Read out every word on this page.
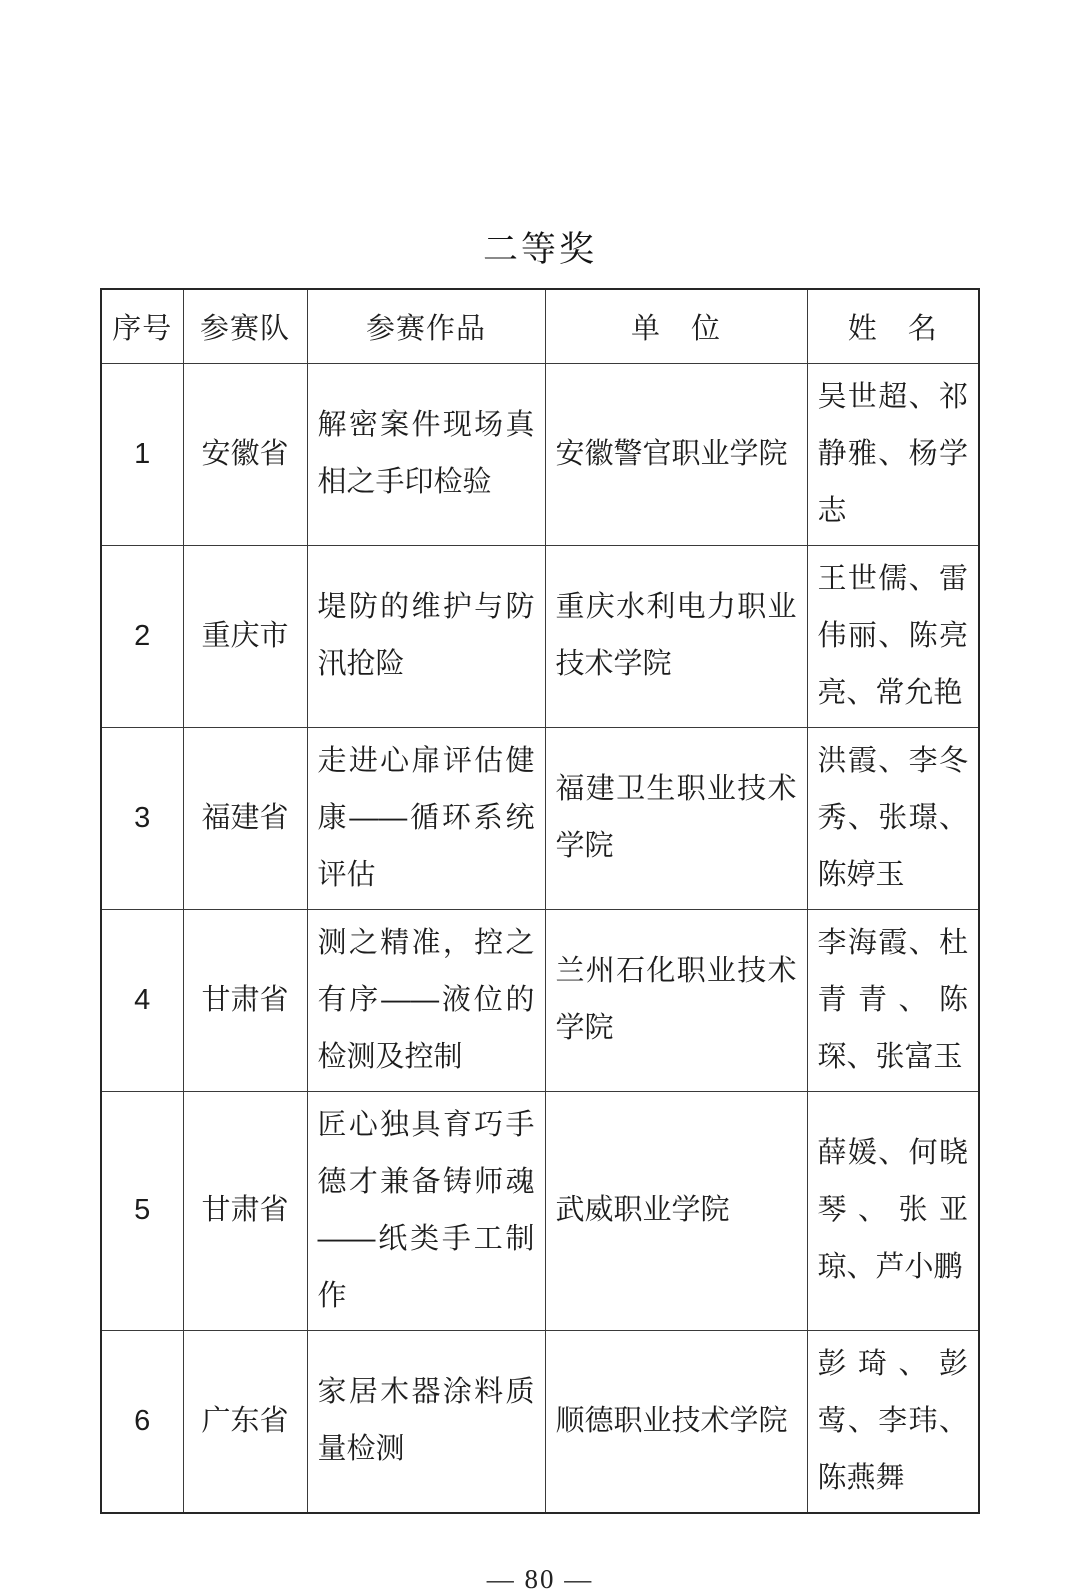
二等奖
序号	参赛队	参赛作品	单　位	姓　名
1	安徽省	解密案件现场真相之手印检验	安徽警官职业学院	吴世超、祁静雅、杨学志
2	重庆市	堤防的维护与防汛抢险	重庆水利电力职业技术学院	王世儒、雷伟丽、陈亮亮、常允艳
3	福建省	走进心扉评估健康——循环系统评估	福建卫生职业技术学院	洪霞、李冬秀、张璟、陈婷玉
4	甘肃省	测之精准，控之有序——液位的检测及控制	兰州石化职业技术学院	李海霞、杜青青、陈琛、张富玉
5	甘肃省	匠心独具育巧手德才兼备铸师魂——纸类手工制作	武威职业学院	薛媛、何晓琴、张亚琼、芦小鹏
6	广东省	家居木器涂料质量检测	顺德职业技术学院	彭琦、彭莺、李玮、陈燕舞
— 80 —
